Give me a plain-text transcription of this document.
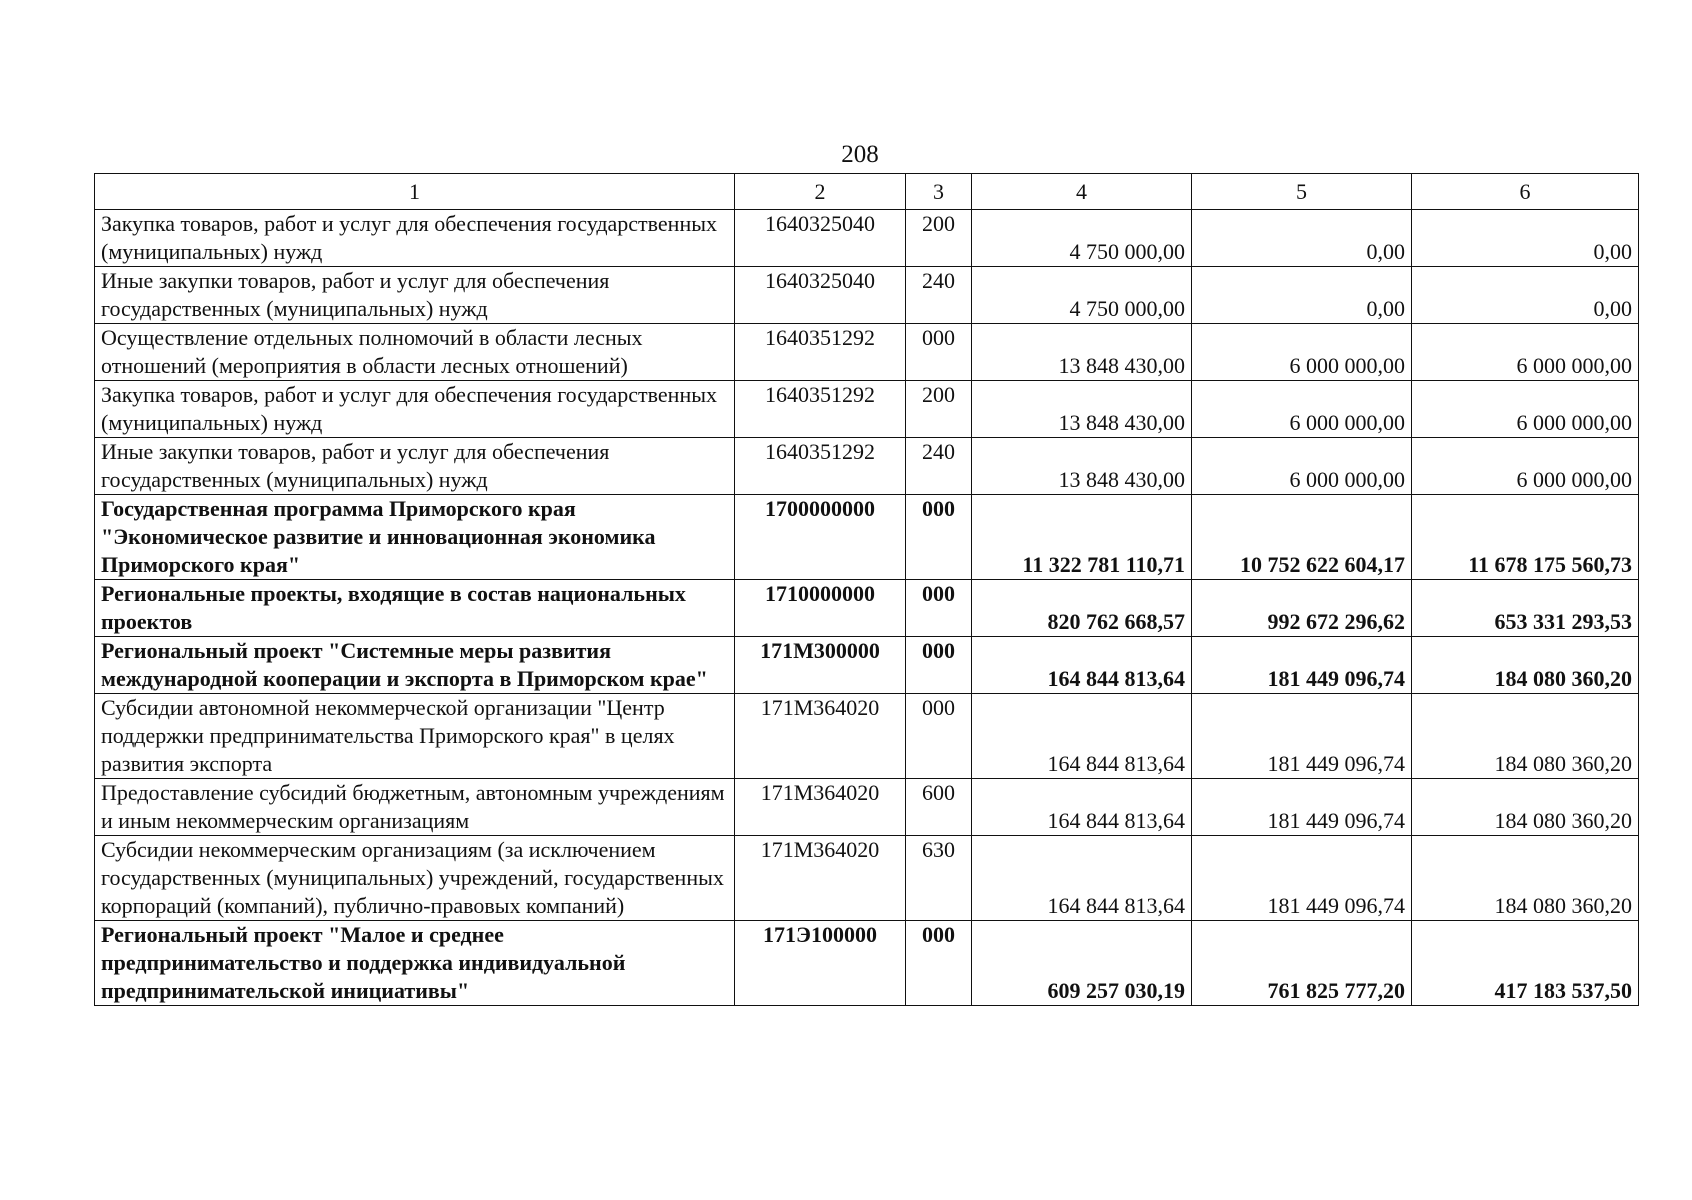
208
1	2	3	4	5	6
Закупка товаров, работ и услуг для обеспечения государственных (муниципальных) нужд	1640325040	200	4 750 000,00	0,00	0,00
Иные закупки товаров, работ и услуг для обеспечения государственных (муниципальных) нужд	1640325040	240	4 750 000,00	0,00	0,00
Осуществление отдельных полномочий в области лесных отношений (мероприятия в области лесных отношений)	1640351292	000	13 848 430,00	6 000 000,00	6 000 000,00
Закупка товаров, работ и услуг для обеспечения государственных (муниципальных) нужд	1640351292	200	13 848 430,00	6 000 000,00	6 000 000,00
Иные закупки товаров, работ и услуг для обеспечения государственных (муниципальных) нужд	1640351292	240	13 848 430,00	6 000 000,00	6 000 000,00
Государственная программа Приморского края "Экономическое развитие и инновационная экономика Приморского края"	1700000000	000	11 322 781 110,71	10 752 622 604,17	11 678 175 560,73
Региональные проекты, входящие в состав национальных проектов	1710000000	000	820 762 668,57	992 672 296,62	653 331 293,53
Региональный проект "Системные меры развития международной кооперации и экспорта в Приморском крае"	171M300000	000	164 844 813,64	181 449 096,74	184 080 360,20
Субсидии автономной некоммерческой организации "Центр поддержки предпринимательства Приморского края" в целях развития экспорта	171M364020	000	164 844 813,64	181 449 096,74	184 080 360,20
Предоставление субсидий бюджетным, автономным учреждениям и иным некоммерческим организациям	171M364020	600	164 844 813,64	181 449 096,74	184 080 360,20
Субсидии некоммерческим организациям (за исключением государственных (муниципальных) учреждений, государственных корпораций (компаний), публично-правовых компаний)	171M364020	630	164 844 813,64	181 449 096,74	184 080 360,20
Региональный проект "Малое и среднее предпринимательство и поддержка индивидуальной предпринимательской инициативы"	171Э100000	000	609 257 030,19	761 825 777,20	417 183 537,50
